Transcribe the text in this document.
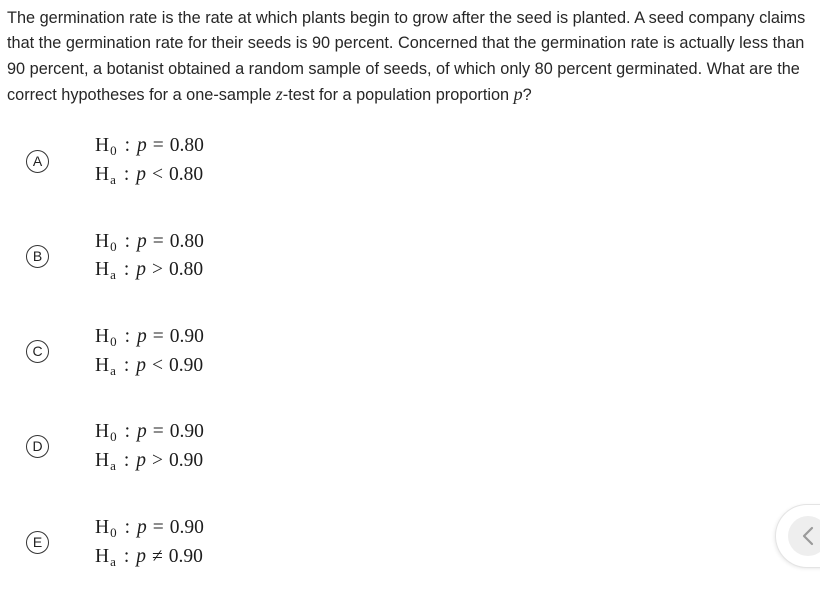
The germination rate is the rate at which plants begin to grow after the seed is planted. A seed company claims that the germination rate for their seeds is 90 percent. Concerned that the germination rate is actually less than 90 percent, a botanist obtained a random sample of seeds, of which only 80 percent germinated. What are the correct hypotheses for a one-sample z-test for a population proportion p?

A
$H_0$ : p = 0.80
$H_a$ : p < 0.80
B
$H_0$ : p = 0.80
$H_a$ : p > 0.80
C
$H_0$ : p = 0.90
$H_a$ : p < 0.90
D
$H_0$ : p = 0.90
$H_a$ : p > 0.90
E
$H_0$ : p = 0.90
$H_a$ : p ≠ 0.90
